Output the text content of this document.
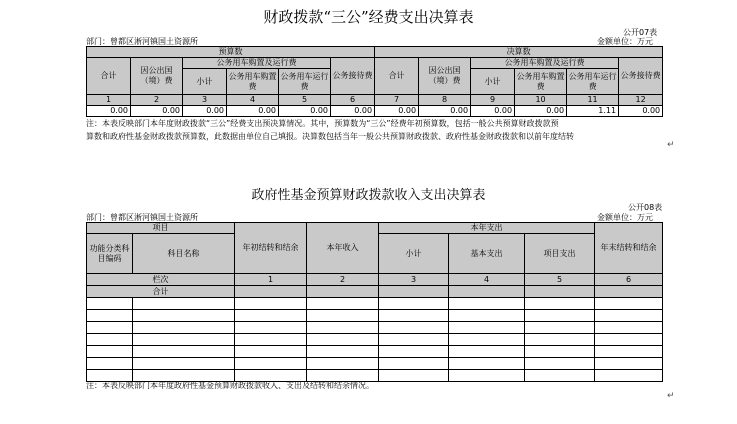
财政拨款“三公”经费支出决算表
公开07表
部门：曾都区淅河镇国土资源所	金额单位：万元
预算数						决算数					
合计	因公出国（境）费	公务用车购置及运行费			公务接待费	合计	因公出国（境）费	公务用车购置及运行费			公务接待费
		小计	公务用车购置费	公务用车运行费				小计	公务用车购置费	公务用车运行费	
1	2	3	4	5	6	7	8	9	10	11	12
0.00	0.00	0.00	0.00	0.00	0.00	0.00	0.00	0.00	0.00	1.11	0.00
注：本表反映部门本年度财政拨款“三公”经费支出预决算情况。其中，预算数为“三公”经费年初预算数，包括一般公共预算财政拨款预
算数和政府性基金财政拨款预算数，此数据由单位自己填报。决算数包括当年一般公共预算财政拨款、政府性基金财政拨款和以前年度结转
↵
政府性基金预算财政拨款收入支出决算表
公开08表
部门：曾都区淅河镇国土资源所	金额单位：万元
项目		年初结转和结余	本年收入	本年支出			年末结转和结余
功能分类科目编码	科目名称			小计	基本支出	项目支出	
栏次		1	2	3	4	5	6
合计							

注：本表反映部门本年度政府性基金预算财政拨款收入、支出及结转和结余情况。
↵
